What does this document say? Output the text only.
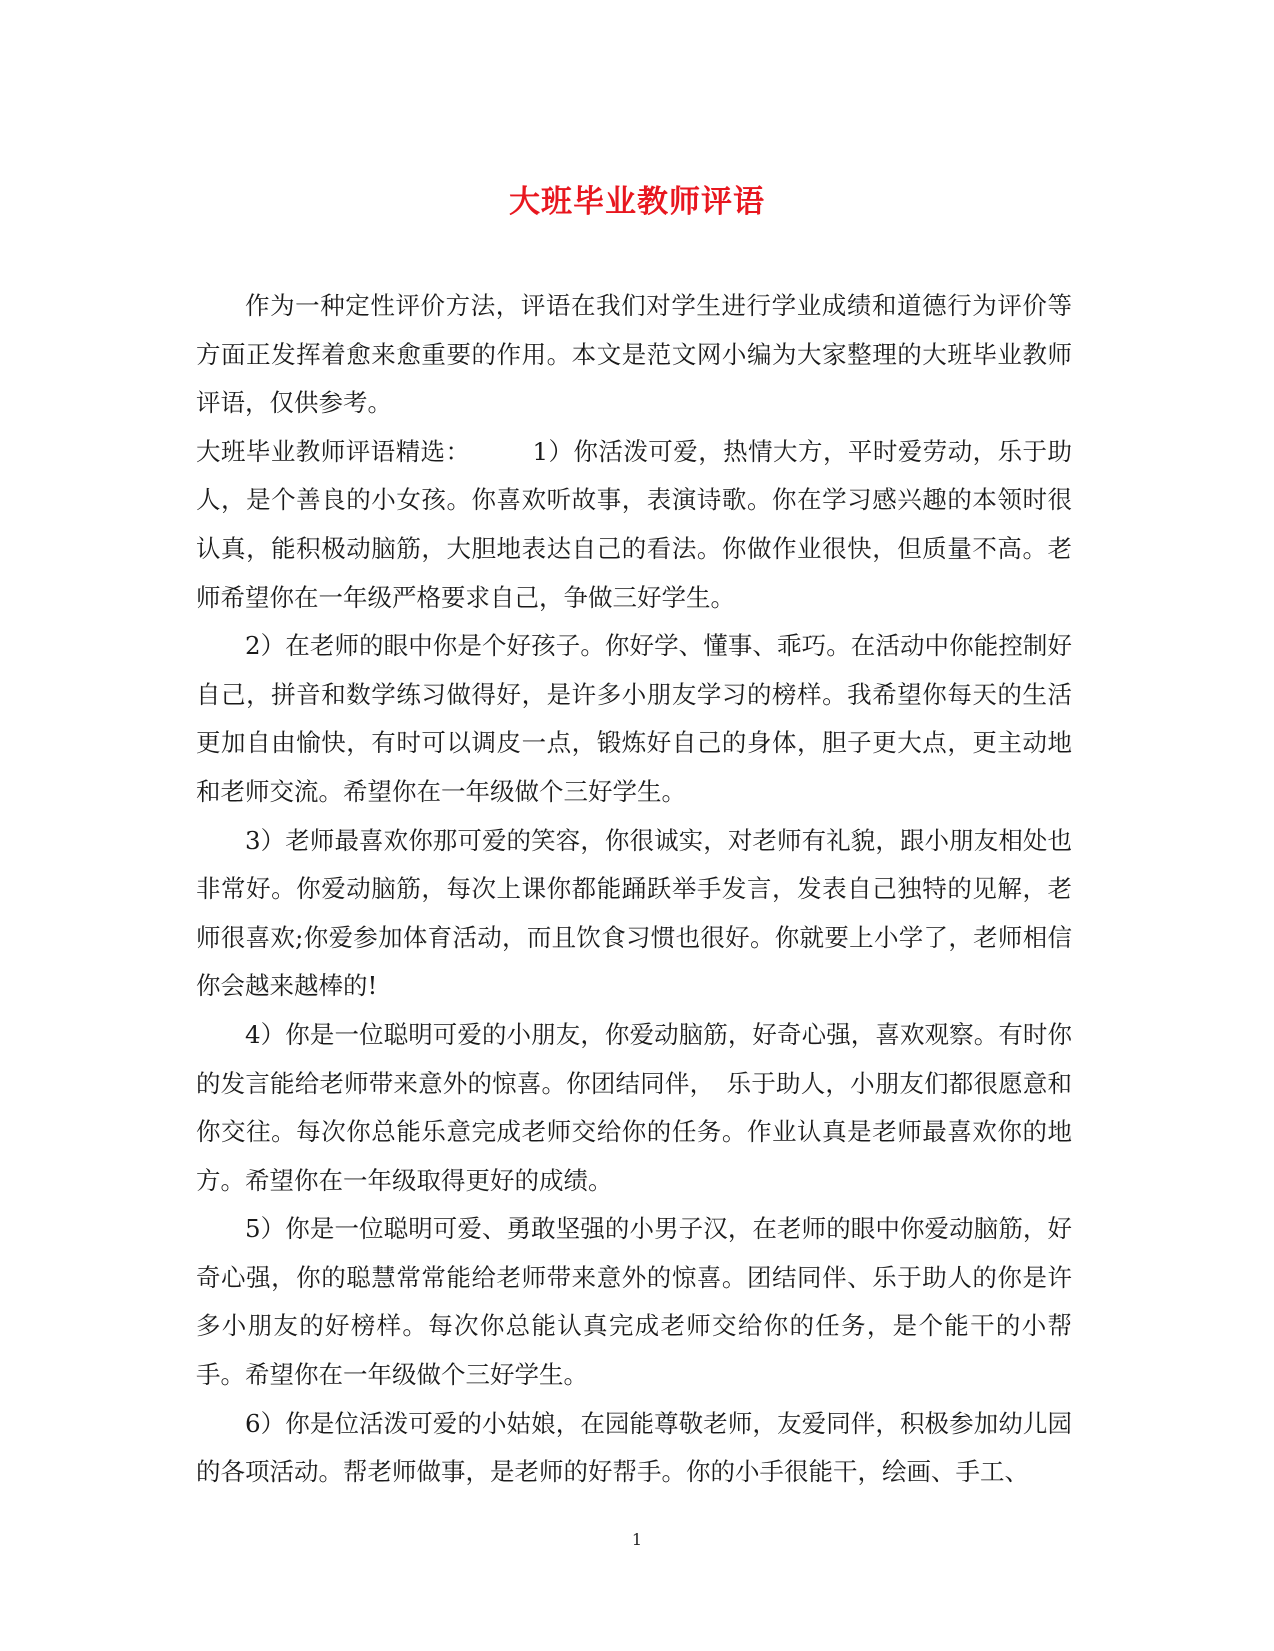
大班毕业教师评语

作为一种定性评价方法，评语在我们对学生进行学业成绩和道德行为评价等方面正发挥着愈来愈重要的作用。本文是范文网小编为大家整理的大班毕业教师评语，仅供参考。

大班毕业教师评语精选：	1）你活泼可爱，热情大方，平时爱劳动，乐于助人，是个善良的小女孩。你喜欢听故事，表演诗歌。你在学习感兴趣的本领时很认真，能积极动脑筋，大胆地表达自己的看法。你做作业很快，但质量不高。老师希望你在一年级严格要求自己，争做三好学生。

2）在老师的眼中你是个好孩子。你好学、懂事、乖巧。在活动中你能控制好自己，拼音和数学练习做得好，是许多小朋友学习的榜样。我希望你每天的生活更加自由愉快，有时可以调皮一点，锻炼好自己的身体，胆子更大点，更主动地和老师交流。希望你在一年级做个三好学生。

3）老师最喜欢你那可爱的笑容，你很诚实，对老师有礼貌，跟小朋友相处也非常好。你爱动脑筋，每次上课你都能踊跃举手发言，发表自己独特的见解，老师很喜欢;你爱参加体育活动，而且饮食习惯也很好。你就要上小学了，老师相信你会越来越棒的!

4）你是一位聪明可爱的小朋友，你爱动脑筋，好奇心强，喜欢观察。有时你的发言能给老师带来意外的惊喜。你团结同伴，　乐于助人，小朋友们都很愿意和你交往。每次你总能乐意完成老师交给你的任务。作业认真是老师最喜欢你的地方。希望你在一年级取得更好的成绩。

5）你是一位聪明可爱、勇敢坚强的小男子汉，在老师的眼中你爱动脑筋，好奇心强，你的聪慧常常能给老师带来意外的惊喜。团结同伴、乐于助人的你是许多小朋友的好榜样。每次你总能认真完成老师交给你的任务，是个能干的小帮手。希望你在一年级做个三好学生。

6）你是位活泼可爱的小姑娘，在园能尊敬老师，友爱同伴，积极参加幼儿园的各项活动。帮老师做事，是老师的好帮手。你的小手很能干，绘画、手工、

1
